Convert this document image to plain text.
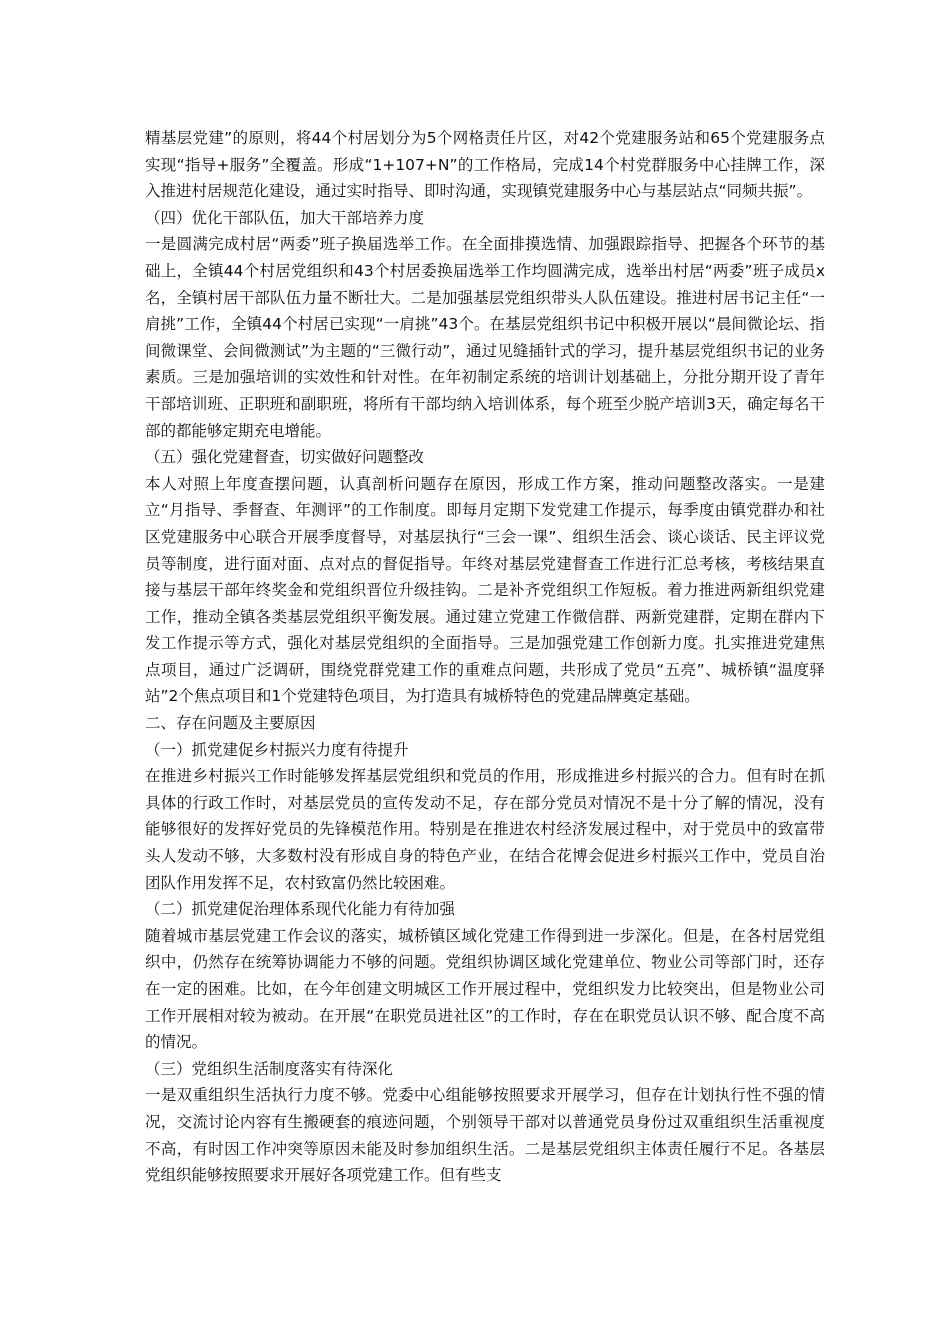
精基层党建”的原则，将44个村居划分为5个网格责任片区，对42个党建服务站和65个党建服务点实现“指导+服务”全覆盖。形成“1+107+N”的工作格局，完成14个村党群服务中心挂牌工作，深入推进村居规范化建设，通过实时指导、即时沟通，实现镇党建服务中心与基层站点“同频共振”。

（四）优化干部队伍，加大干部培养力度

一是圆满完成村居“两委”班子换届选举工作。在全面排摸选情、加强跟踪指导、把握各个环节的基础上，全镇44个村居党组织和43个村居委换届选举工作均圆满完成，选举出村居“两委”班子成员x名，全镇村居干部队伍力量不断壮大。二是加强基层党组织带头人队伍建设。推进村居书记主任“一肩挑”工作，全镇44个村居已实现“一肩挑”43个。在基层党组织书记中积极开展以“晨间微论坛、指间微课堂、会间微测试”为主题的“三微行动”，通过见缝插针式的学习，提升基层党组织书记的业务素质。三是加强培训的实效性和针对性。在年初制定系统的培训计划基础上，分批分期开设了青年干部培训班、正职班和副职班，将所有干部均纳入培训体系，每个班至少脱产培训3天，确定每名干部的都能够定期充电增能。

（五）强化党建督查，切实做好问题整改

本人对照上年度查摆问题，认真剖析问题存在原因，形成工作方案，推动问题整改落实。一是建立“月指导、季督查、年测评”的工作制度。即每月定期下发党建工作提示，每季度由镇党群办和社区党建服务中心联合开展季度督导，对基层执行“三会一课”、组织生活会、谈心谈话、民主评议党员等制度，进行面对面、点对点的督促指导。年终对基层党建督查工作进行汇总考核，考核结果直接与基层干部年终奖金和党组织晋位升级挂钩。二是补齐党组织工作短板。着力推进两新组织党建工作，推动全镇各类基层党组织平衡发展。通过建立党建工作微信群、两新党建群，定期在群内下发工作提示等方式，强化对基层党组织的全面指导。三是加强党建工作创新力度。扎实推进党建焦点项目，通过广泛调研，围绕党群党建工作的重难点问题，共形成了党员“五亮”、城桥镇“温度驿站”2个焦点项目和1个党建特色项目，为打造具有城桥特色的党建品牌奠定基础。

二、存在问题及主要原因

（一）抓党建促乡村振兴力度有待提升

在推进乡村振兴工作时能够发挥基层党组织和党员的作用，形成推进乡村振兴的合力。但有时在抓具体的行政工作时，对基层党员的宣传发动不足，存在部分党员对情况不是十分了解的情况，没有能够很好的发挥好党员的先锋模范作用。特别是在推进农村经济发展过程中，对于党员中的致富带头人发动不够，大多数村没有形成自身的特色产业，在结合花博会促进乡村振兴工作中，党员自治团队作用发挥不足，农村致富仍然比较困难。

（二）抓党建促治理体系现代化能力有待加强

随着城市基层党建工作会议的落实，城桥镇区域化党建工作得到进一步深化。但是，在各村居党组织中，仍然存在统筹协调能力不够的问题。党组织协调区域化党建单位、物业公司等部门时，还存在一定的困难。比如，在今年创建文明城区工作开展过程中，党组织发力比较突出，但是物业公司工作开展相对较为被动。在开展“在职党员进社区”的工作时，存在在职党员认识不够、配合度不高的情况。

（三）党组织生活制度落实有待深化

一是双重组织生活执行力度不够。党委中心组能够按照要求开展学习，但存在计划执行性不强的情况，交流讨论内容有生搬硬套的痕迹问题，个别领导干部对以普通党员身份过双重组织生活重视度不高，有时因工作冲突等原因未能及时参加组织生活。二是基层党组织主体责任履行不足。各基层党组织能够按照要求开展好各项党建工作。但有些支
